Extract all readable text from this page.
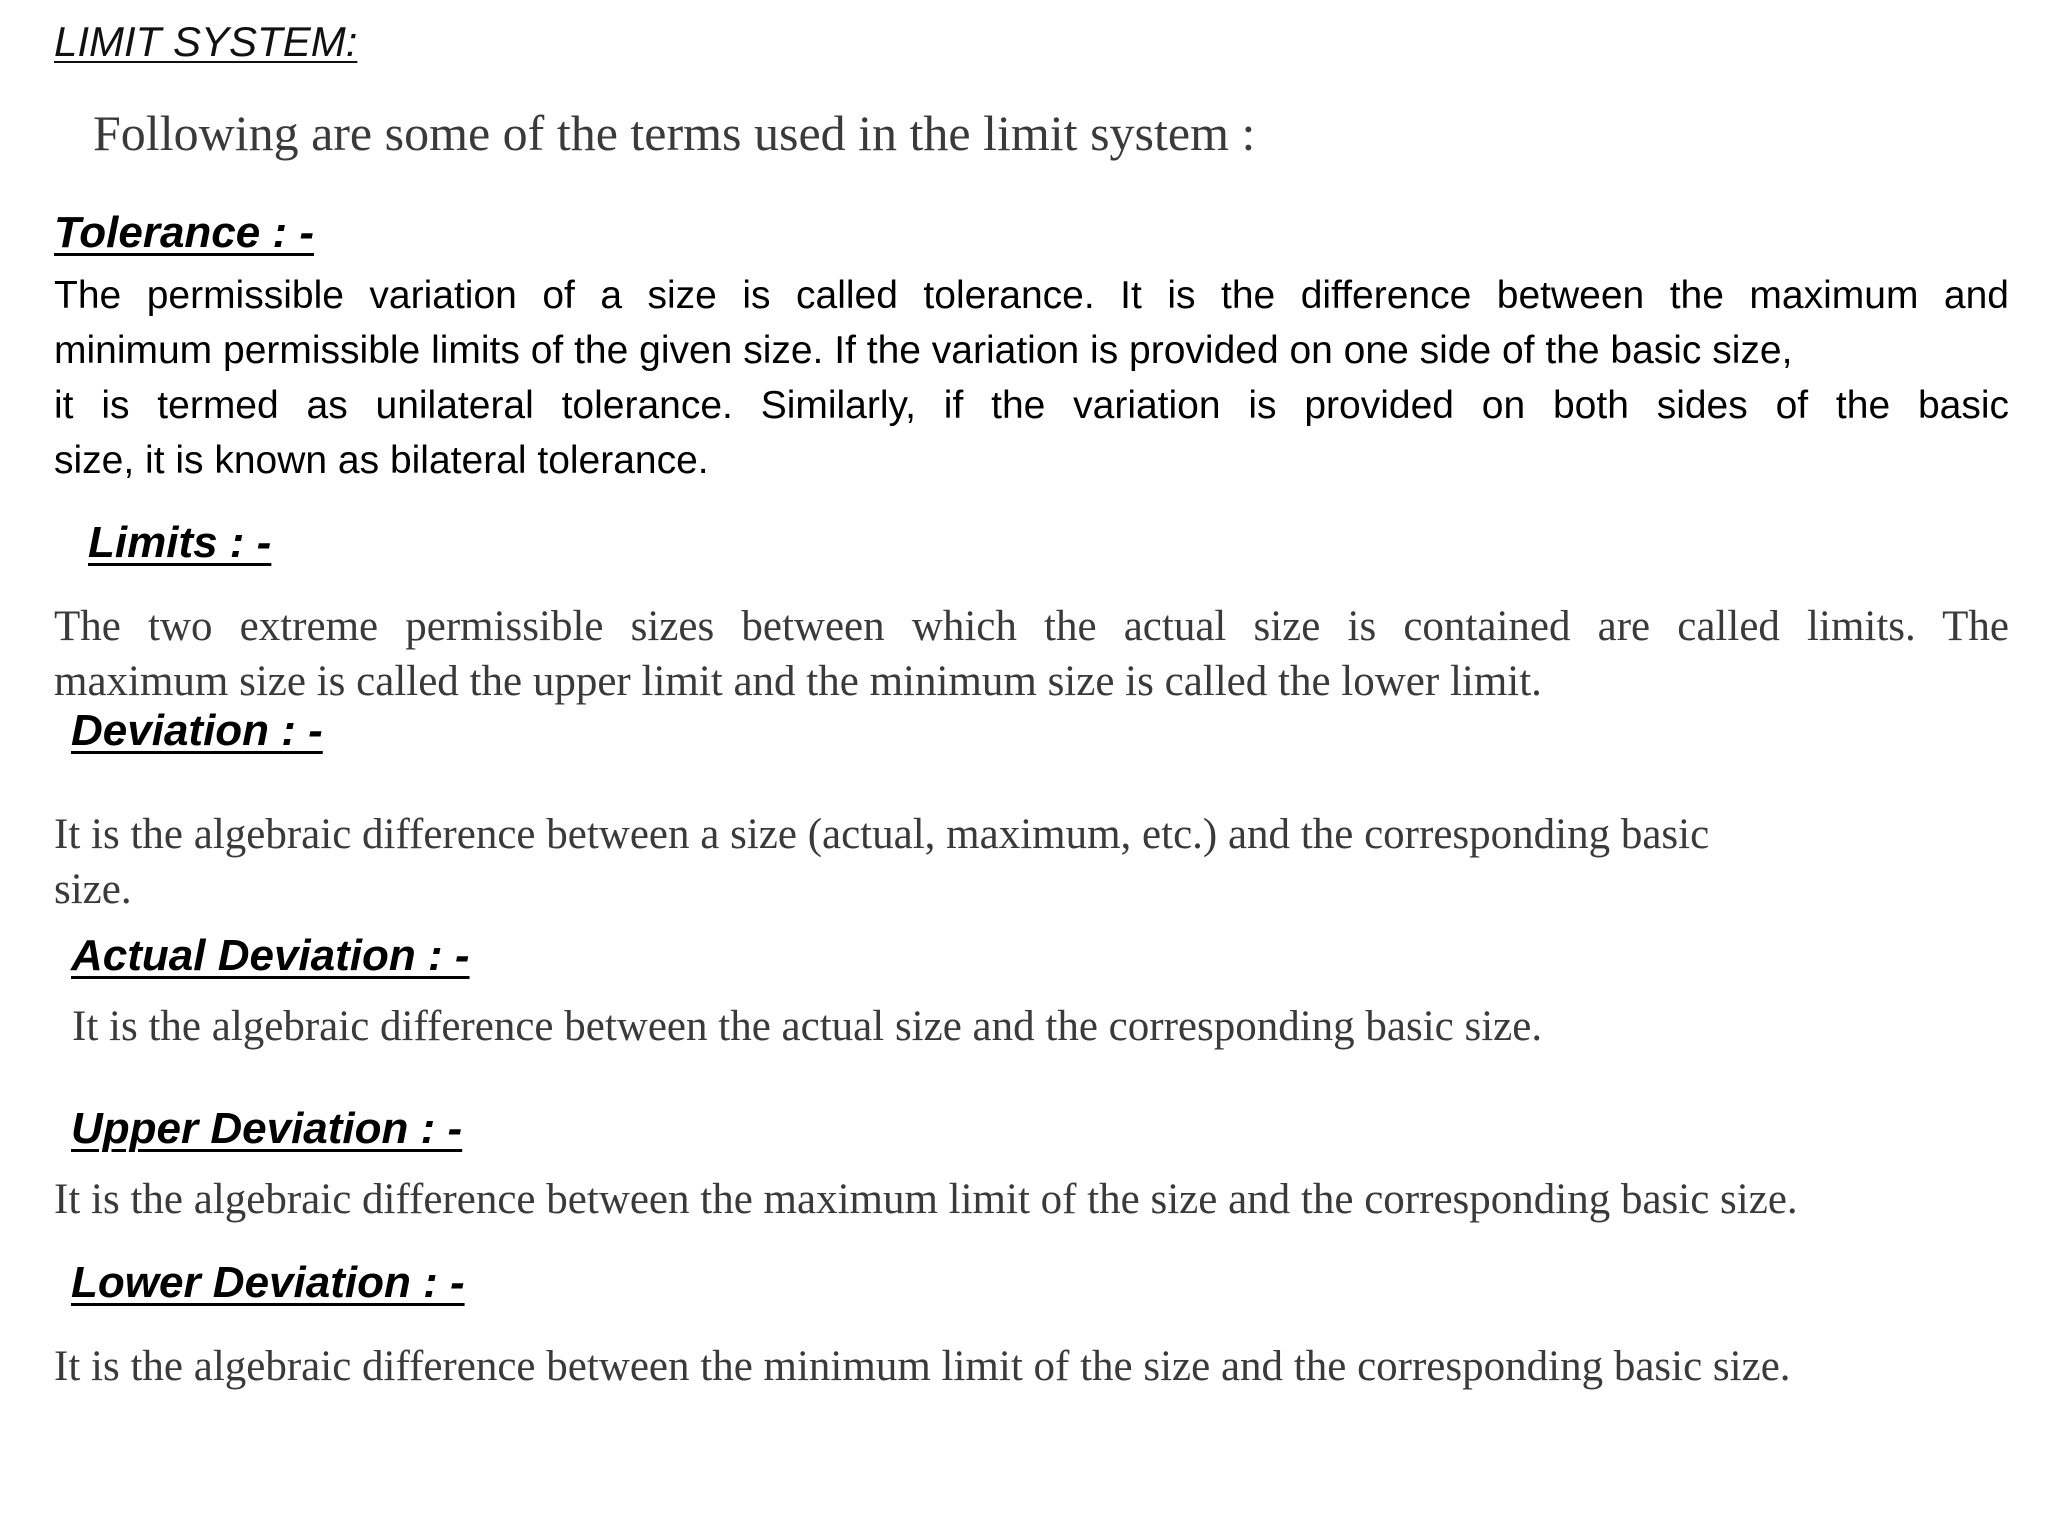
LIMIT SYSTEM:
Following are some of the terms used in the limit system :
Tolerance : -
The permissible variation of a size is called tolerance. It is the difference between the maximum and
minimum permissible limits of the given size. If the variation is provided on one side of the basic size,
it is termed as unilateral tolerance. Similarly, if the variation is provided on both sides of the basic
size, it is known as bilateral tolerance.
Limits : -
The two extreme permissible sizes between which the actual size is contained are called limits. The
maximum size is called the upper limit and the minimum size is called the lower limit.
Deviation : -
It is the algebraic difference between a size (actual, maximum, etc.) and the corresponding basic
size.
Actual Deviation : -
It is the algebraic difference between the actual size and the corresponding basic size.
Upper Deviation : -
It is the algebraic difference between the maximum limit of the size and the corresponding basic size.
Lower Deviation : -
It is the algebraic difference between the minimum limit of the size and the corresponding basic size.
